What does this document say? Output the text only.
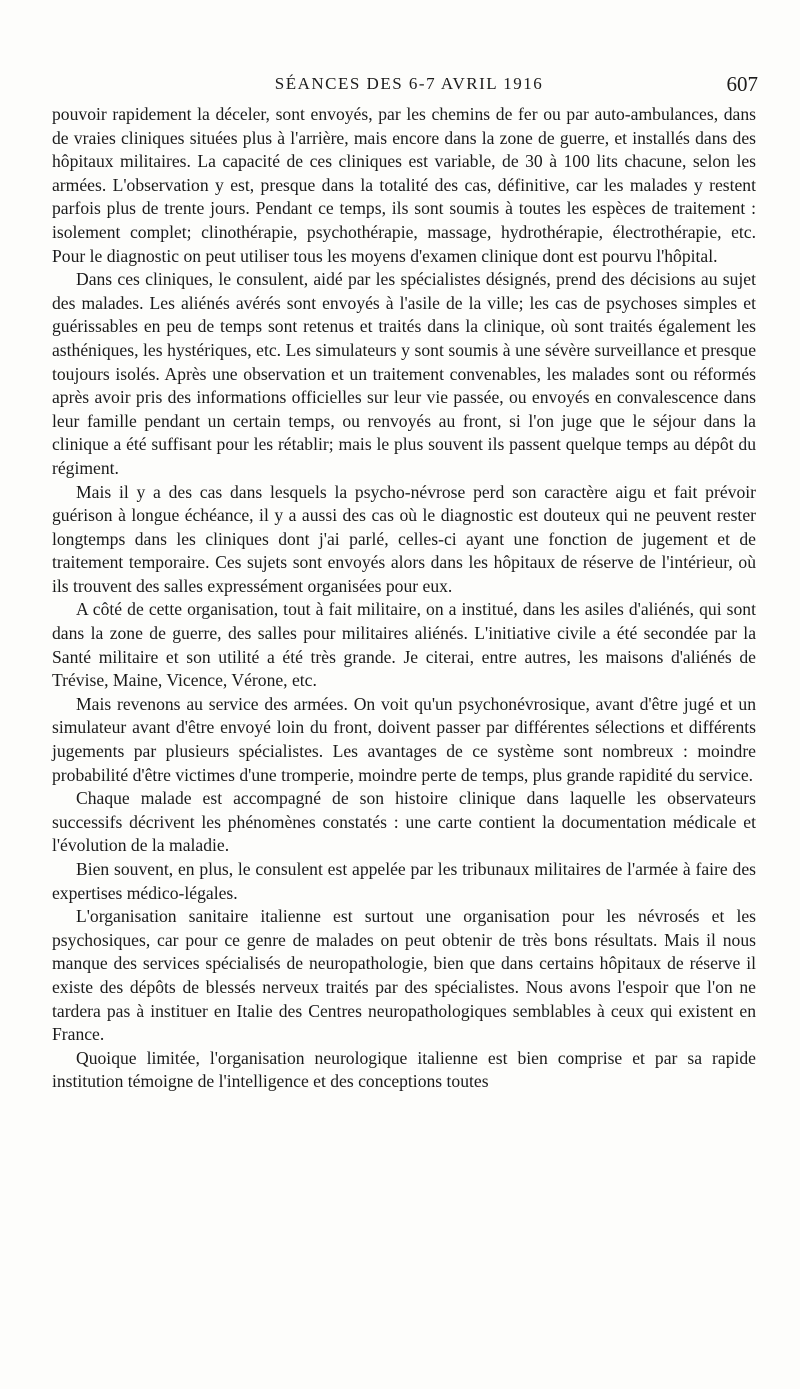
SÉANCES DES 6-7 AVRIL 1916	607

pouvoir rapidement la déceler, sont envoyés, par les chemins de fer ou par auto-ambulances, dans de vraies cliniques situées plus à l'arrière, mais encore dans la zone de guerre, et installés dans des hôpitaux militaires. La capacité de ces cliniques est variable, de 30 à 100 lits chacune, selon les armées. L'observation y est, presque dans la totalité des cas, définitive, car les malades y restent parfois plus de trente jours. Pendant ce temps, ils sont soumis à toutes les espèces de traitement : isolement complet; clinothérapie, psychothérapie, massage, hydrothérapie, électrothérapie, etc. Pour le diagnostic on peut utiliser tous les moyens d'examen clinique dont est pourvu l'hôpital.

Dans ces cliniques, le consulent, aidé par les spécialistes désignés, prend des décisions au sujet des malades. Les aliénés avérés sont envoyés à l'asile de la ville; les cas de psychoses simples et guérissables en peu de temps sont retenus et traités dans la clinique, où sont traités également les asthéniques, les hystériques, etc. Les simulateurs y sont soumis à une sévère surveillance et presque toujours isolés. Après une observation et un traitement convenables, les malades sont ou réformés après avoir pris des informations officielles sur leur vie passée, ou envoyés en convalescence dans leur famille pendant un certain temps, ou renvoyés au front, si l'on juge que le séjour dans la clinique a été suffisant pour les rétablir; mais le plus souvent ils passent quelque temps au dépôt du régiment.

Mais il y a des cas dans lesquels la psycho-névrose perd son caractère aigu et fait prévoir guérison à longue échéance, il y a aussi des cas où le diagnostic est douteux qui ne peuvent rester longtemps dans les cliniques dont j'ai parlé, celles-ci ayant une fonction de jugement et de traitement temporaire. Ces sujets sont envoyés alors dans les hôpitaux de réserve de l'intérieur, où ils trouvent des salles expressément organisées pour eux.

A côté de cette organisation, tout à fait militaire, on a institué, dans les asiles d'aliénés, qui sont dans la zone de guerre, des salles pour militaires aliénés. L'initiative civile a été secondée par la Santé militaire et son utilité a été très grande. Je citerai, entre autres, les maisons d'aliénés de Trévise, Maine, Vicence, Vérone, etc.

Mais revenons au service des armées. On voit qu'un psychonévrosique, avant d'être jugé et un simulateur avant d'être envoyé loin du front, doivent passer par différentes sélections et différents jugements par plusieurs spécialistes. Les avantages de ce système sont nombreux : moindre probabilité d'être victimes d'une tromperie, moindre perte de temps, plus grande rapidité du service.

Chaque malade est accompagné de son histoire clinique dans laquelle les observateurs successifs décrivent les phénomènes constatés : une carte contient la documentation médicale et l'évolution de la maladie.

Bien souvent, en plus, le consulent est appelée par les tribunaux militaires de l'armée à faire des expertises médico-légales.

L'organisation sanitaire italienne est surtout une organisation pour les névrosés et les psychosiques, car pour ce genre de malades on peut obtenir de très bons résultats. Mais il nous manque des services spécialisés de neuropathologie, bien que dans certains hôpitaux de réserve il existe des dépôts de blessés nerveux traités par des spécialistes. Nous avons l'espoir que l'on ne tardera pas à instituer en Italie des Centres neuropathologiques semblables à ceux qui existent en France.

Quoique limitée, l'organisation neurologique italienne est bien comprise et par sa rapide institution témoigne de l'intelligence et des conceptions toutes
